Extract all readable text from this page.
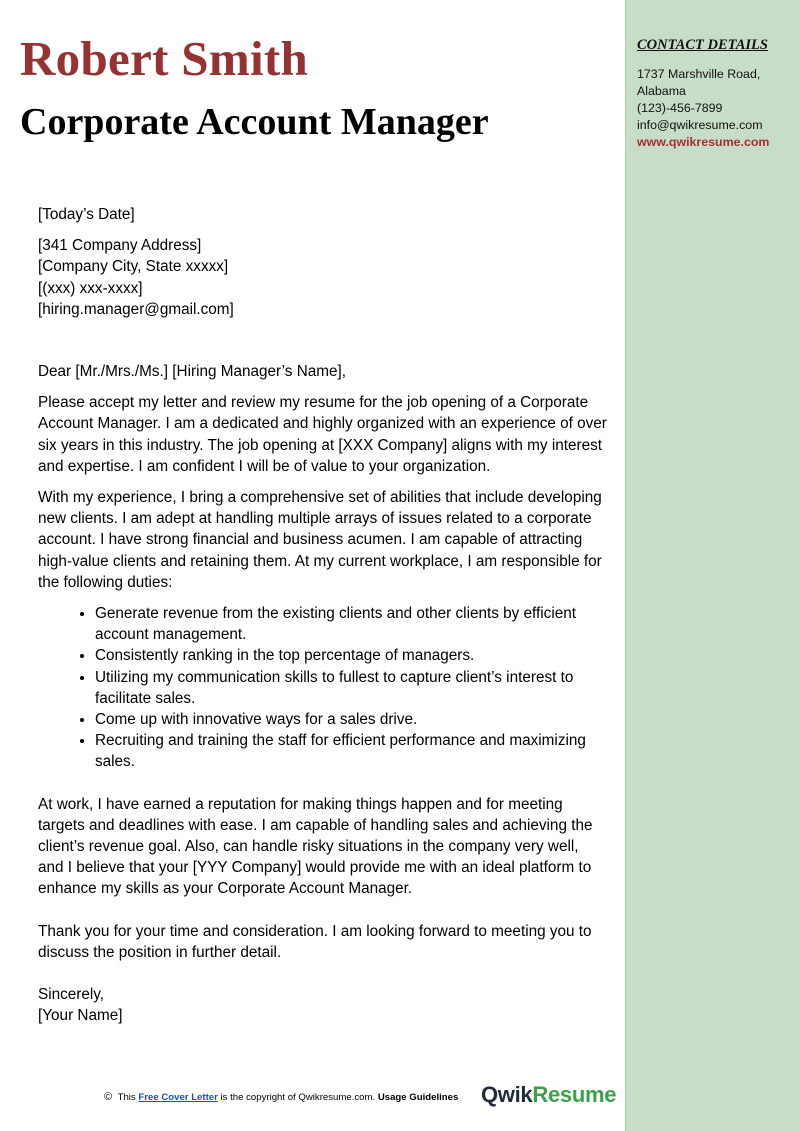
Robert Smith
Corporate Account Manager
CONTACT DETAILS
1737 Marshville Road,
Alabama
(123)-456-7899
info@qwikresume.com
www.qwikresume.com

[Today’s Date]

[341 Company Address]

[Company City, State xxxxx]

[(xxx) xxx-xxxx]

[hiring.manager@gmail.com]

Dear [Mr./Mrs./Ms.] [Hiring Manager’s Name],

Please accept my letter and review my resume for the job opening of a Corporate Account Manager. I am a dedicated and highly organized with an experience of over six years in this industry. The job opening at [XXX Company] aligns with my interest and expertise. I am confident I will be of value to your organization.

With my experience, I bring a comprehensive set of abilities that include developing new clients. I am adept at handling multiple arrays of issues related to a corporate account. I have strong financial and business acumen. I am capable of attracting high-value clients and retaining them. At my current workplace, I am responsible for the following duties:

• Generate revenue from the existing clients and other clients by efficient account management.
• Consistently ranking in the top percentage of managers.
• Utilizing my communication skills to fullest to capture client’s interest to facilitate sales.
• Come up with innovative ways for a sales drive.
• Recruiting and training the staff for efficient performance and maximizing sales.

At work, I have earned a reputation for making things happen and for meeting targets and deadlines with ease. I am capable of handling sales and achieving the client’s revenue goal. Also, can handle risky situations in the company very well, and I believe that your [YYY Company] would provide me with an ideal platform to enhance my skills as your Corporate Account Manager.

Thank you for your time and consideration. I am looking forward to meeting you to discuss the position in further detail.

Sincerely,

[Your Name]

© This Free Cover Letter is the copyright of Qwikresume.com. Usage Guidelines QwikResume
